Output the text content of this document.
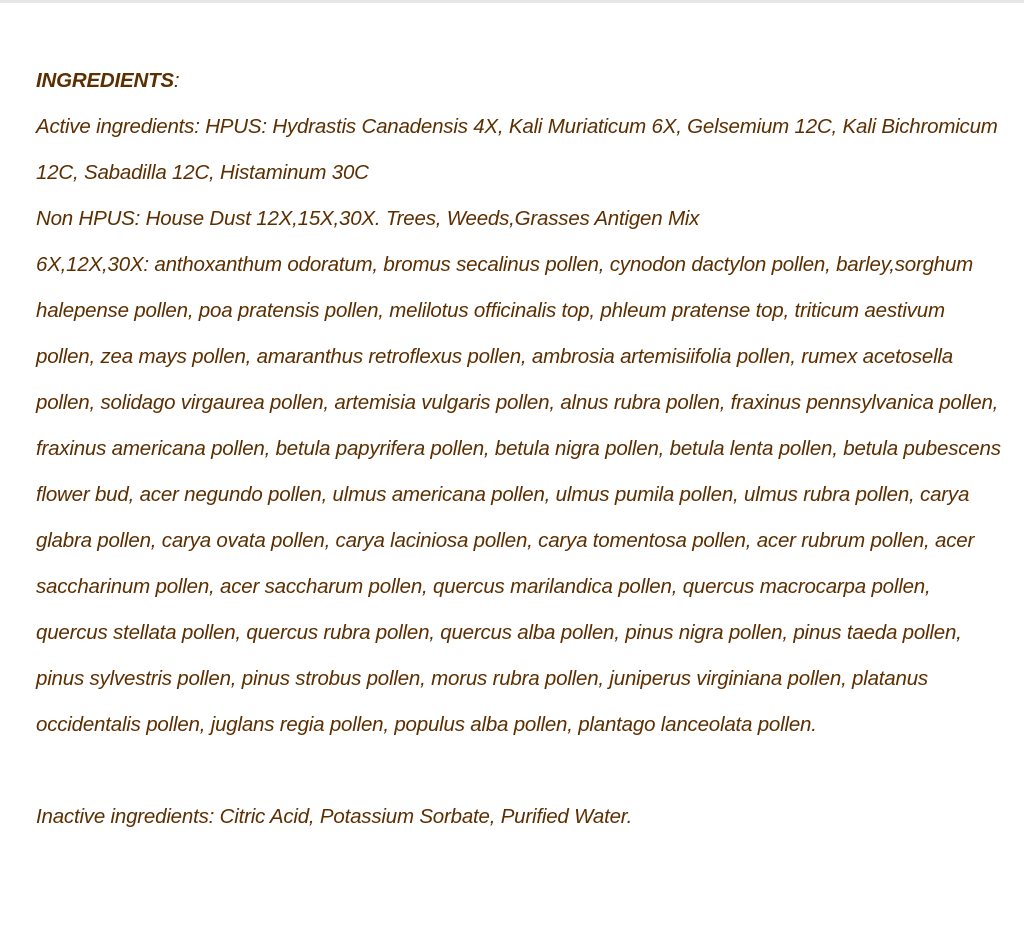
INGREDIENTS:

Active ingredients: HPUS: Hydrastis Canadensis 4X, Kali Muriaticum 6X, Gelsemium 12C, Kali Bichromicum 12C, Sabadilla 12C, Histaminum 30C

Non HPUS: House Dust 12X,15X,30X. Trees, Weeds,Grasses Antigen Mix

6X,12X,30X: anthoxanthum odoratum, bromus secalinus pollen, cynodon dactylon pollen, barley,sorghum halepense pollen, poa pratensis pollen, melilotus officinalis top, phleum pratense top, triticum aestivum pollen, zea mays pollen, amaranthus retroflexus pollen, ambrosia artemisiifolia pollen, rumex acetosella pollen, solidago virgaurea pollen, artemisia vulgaris pollen, alnus rubra pollen, fraxinus pennsylvanica pollen, fraxinus americana pollen, betula papyrifera pollen, betula nigra pollen, betula lenta pollen, betula pubescens flower bud, acer negundo pollen, ulmus americana pollen, ulmus pumila pollen, ulmus rubra pollen, carya glabra pollen, carya ovata pollen, carya laciniosa pollen, carya tomentosa pollen, acer rubrum pollen, acer saccharinum pollen, acer saccharum pollen, quercus marilandica pollen, quercus macrocarpa pollen, quercus stellata pollen, quercus rubra pollen, quercus alba pollen, pinus nigra pollen, pinus taeda pollen, pinus sylvestris pollen, pinus strobus pollen, morus rubra pollen, juniperus virginiana pollen, platanus occidentalis pollen, juglans regia pollen, populus alba pollen, plantago lanceolata pollen.

Inactive ingredients: Citric Acid, Potassium Sorbate, Purified Water.
